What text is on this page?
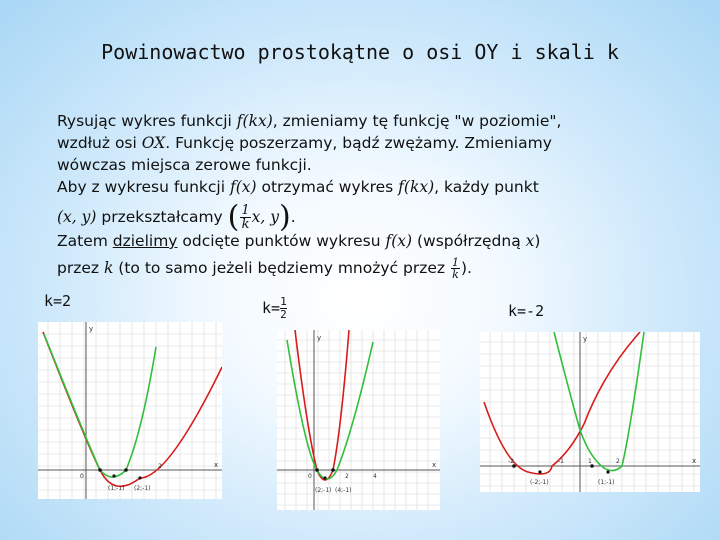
Powinowactwo prostokątne o osi OY i skali k
Rysując wykres funkcji f(kx), zmieniamy tę funkcję "w poziomie",
wzdłuż osi OX. Funkcję poszerzamy, bądź zwężamy. Zmieniamy
wówczas miejsca zerowe funkcji.
Aby z wykresu funkcji f(x) otrzymać wykres f(kx), każdy punkt
(x, y) przekształcamy ( $\frac{1}{k} x$, y).
Zatem dzielimy odcięte punktów wykresu f(x) (współrzędną x)
przez k (to to samo jeżeli będziemy mnożyć przez $\frac{1}{k}$ ).
k=2	$k= \frac{1}{2}$	k=-2
y
x
(1;-1) (2;-1)
2
0
y
x
(2;-1) (4;-1)
0	2	4
y
x
(-2;-1)	(1;-1)
-2	-1	1	2
